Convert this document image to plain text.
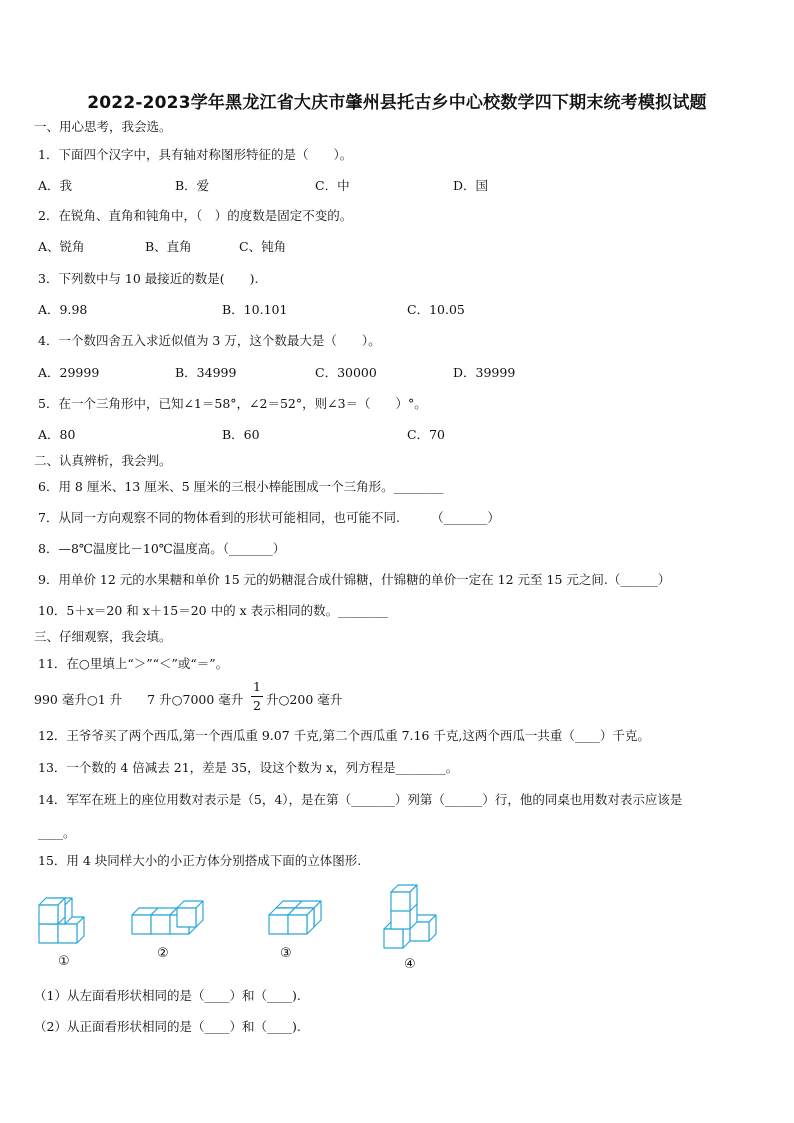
2022-2023学年黑龙江省大庆市肇州县托古乡中心校数学四下期末统考模拟试题
一、用心思考，我会选。
1．下面四个汉字中，具有轴对称图形特征的是（　　）。
A．我	B．爱	C．中	D．国
2．在锐角、直角和钝角中，（　）的度数是固定不变的。
A、锐角	B、直角	C、钝角
3．下列数中与 10 最接近的数是(　　).
A．9.98	B．10.101	C．10.05
4．一个数四舍五入求近似值为 3 万，这个数最大是（　　）。
A．29999	B．34999	C．30000	D．39999
5．在一个三角形中，已知∠1＝58°，∠2＝52°，则∠3＝（　　）°。
A．80	B．60	C．70
二、认真辨析，我会判。
6．用 8 厘米、13 厘米、5 厘米的三根小棒能围成一个三角形。________
7．从同一方向观察不同的物体看到的形状可能相同，也可能不同.　　　（_______）
8．—8℃温度比－10℃温度高。（_______）
9．用单价 12 元的水果糖和单价 15 元的奶糖混合成什锦糖，什锦糖的单价一定在 12 元至 15 元之间.（______）
10．5＋x＝20 和 x＋15＝20 中的 x 表示相同的数。________
三、仔细观察，我会填。
11．在○里填上“＞”“＜”或“＝”。
990 毫升○1 升　　7 升○7000 毫升
1
2 升○200 毫升
12．王爷爷买了两个西瓜,第一个西瓜重 9.07 千克,第二个西瓜重 7.16 千克,这两个西瓜一共重（____）千克。
13．一个数的 4 倍减去 21，差是 35，设这个数为 x，列方程是________。
14．军军在班上的座位用数对表示是（5，4），是在第（_______）列第（______）行，他的同桌也用数对表示应该是
____。
15．用 4 块同样大小的小正方体分别搭成下面的立体图形.
①
②	③
④
（1）从左面看形状相同的是（____）和（____).
（2）从正面看形状相同的是（____）和（____).
